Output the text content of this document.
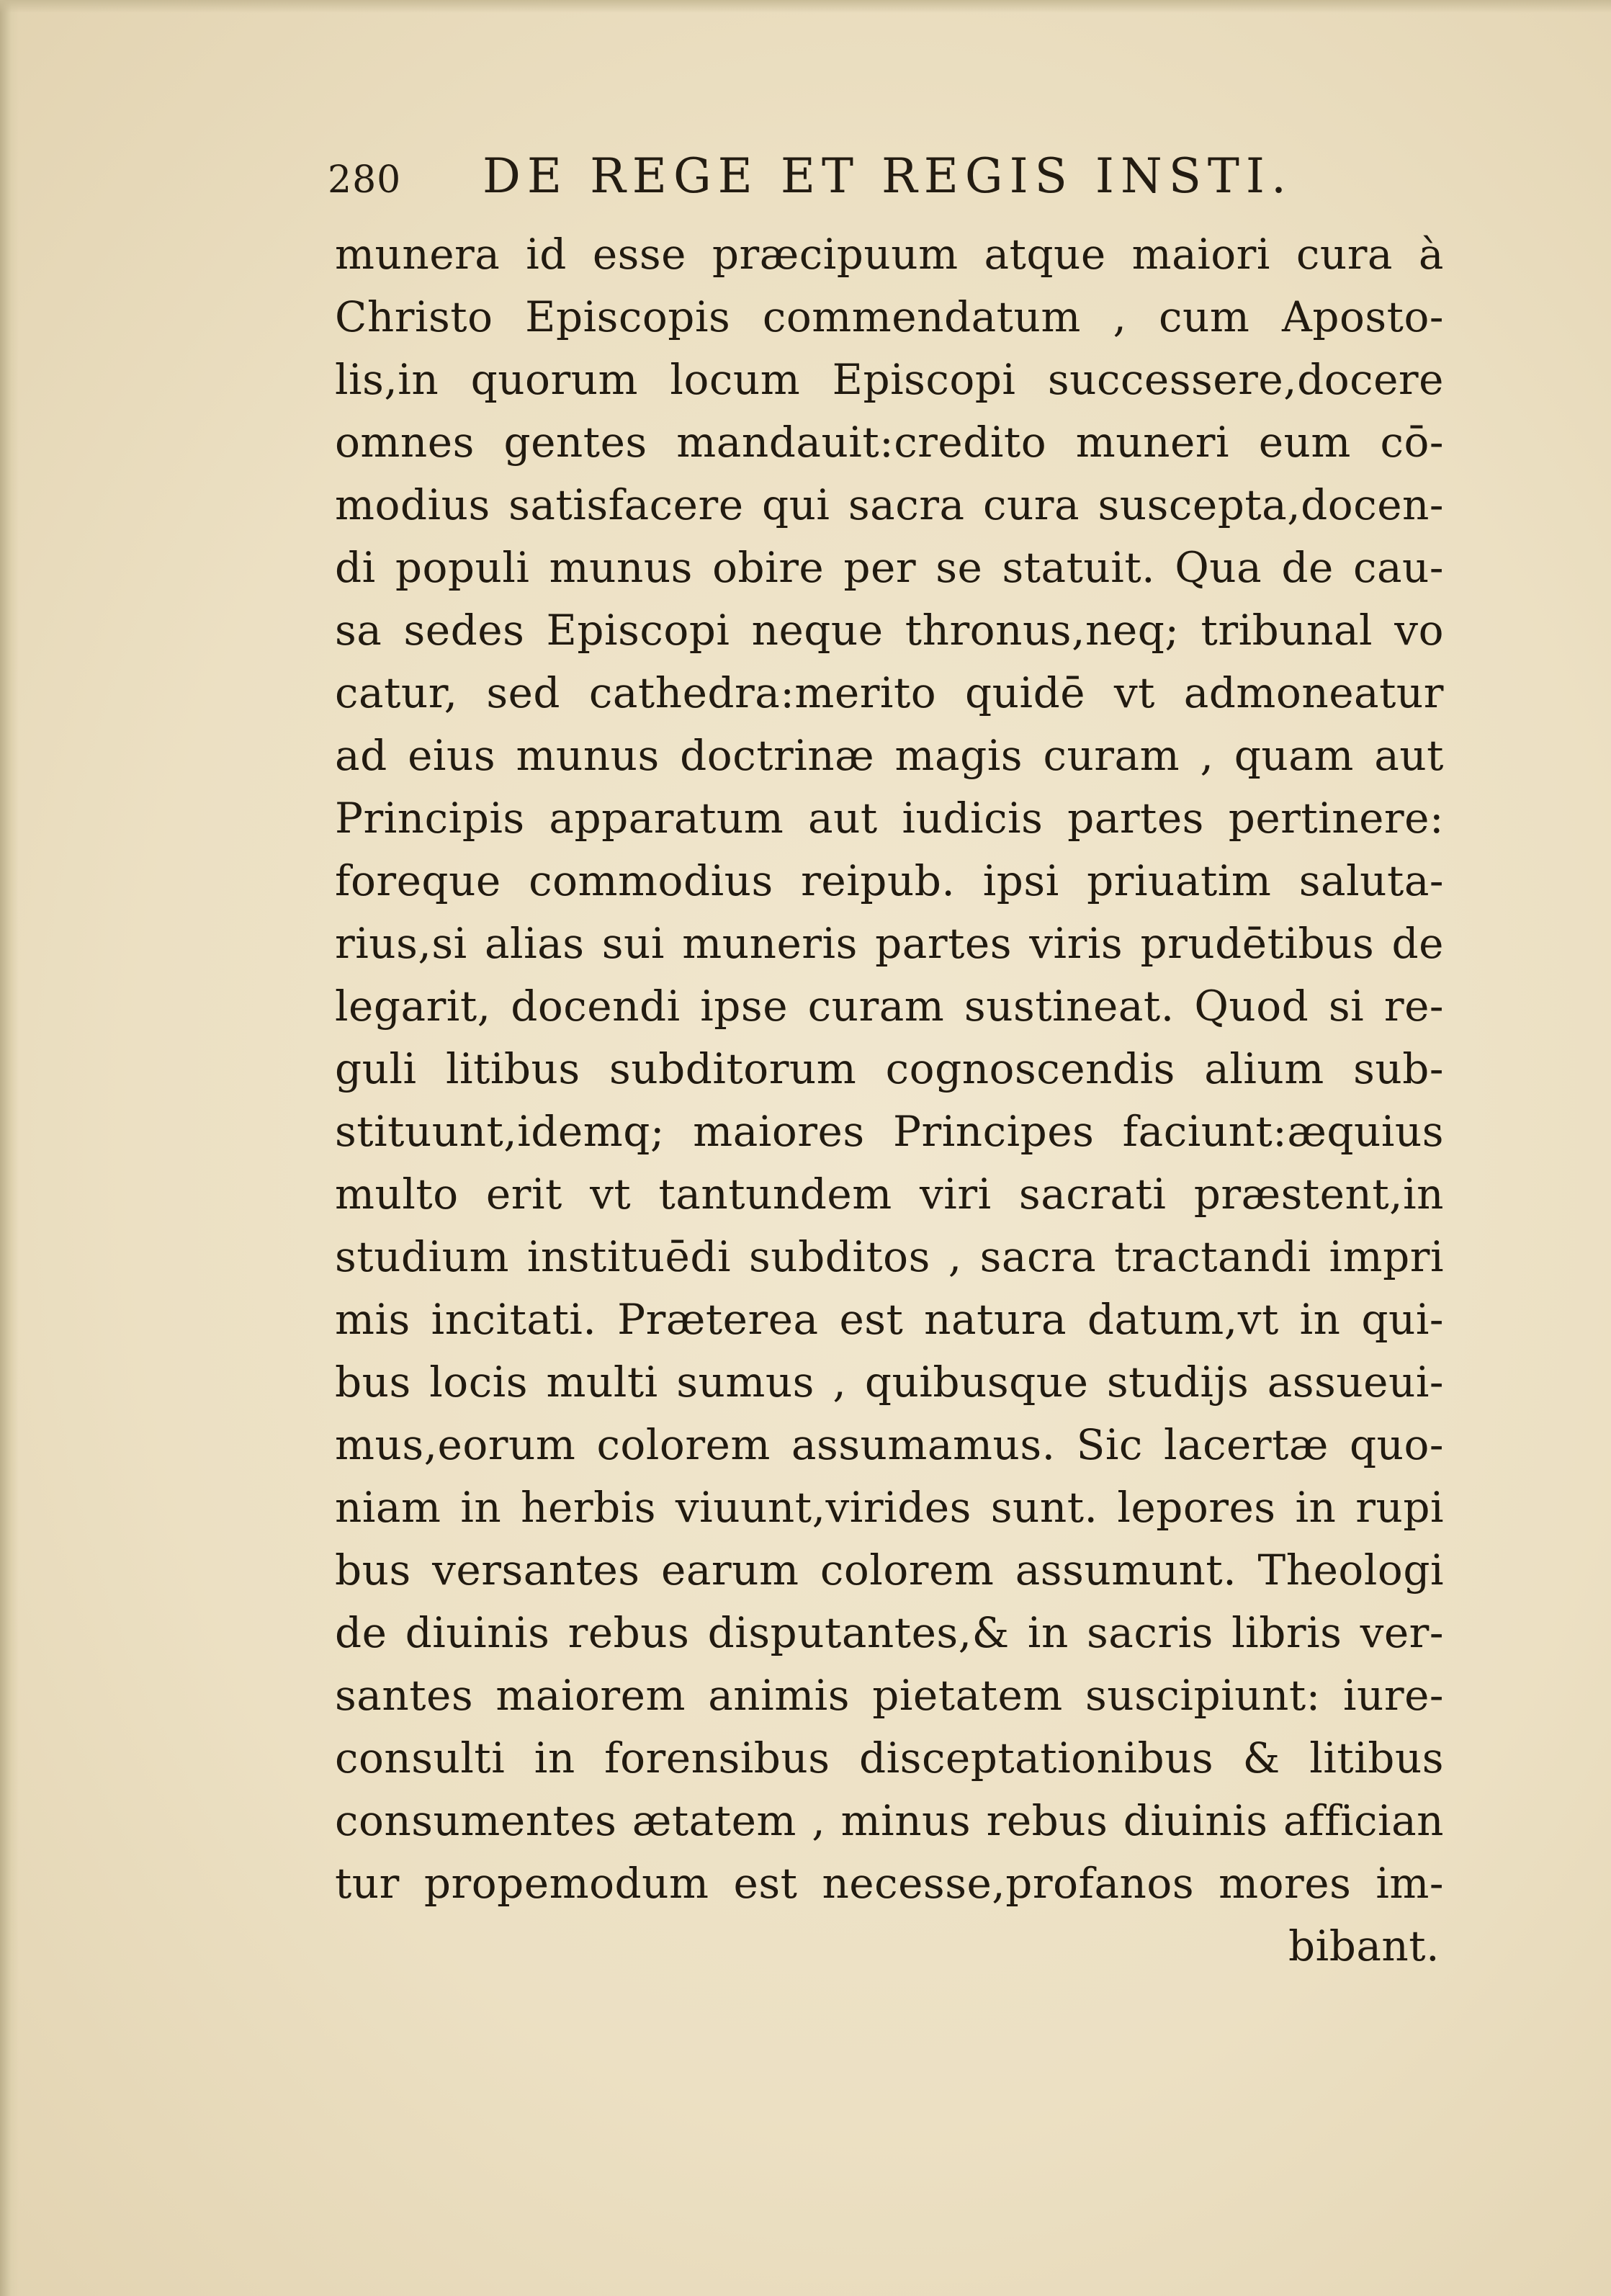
280 DE REGE ET REGIS INSTI.
munera id esse præcipuum atque maiori cura à
Christo Episcopis commendatum , cum Aposto-
lis,in quorum locum Episcopi successere,docere
omnes gentes mandauit:credito muneri eum cō-
modius satisfacere qui sacra cura suscepta,docen-
di populi munus obire per se statuit. Qua de cau-
sa sedes Episcopi neque thronus,neq; tribunal vo
catur, sed cathedra:merito quidē vt admoneatur
ad eius munus doctrinæ magis curam , quam aut
Principis apparatum aut iudicis partes pertinere:
foreque commodius reipub. ipsi priuatim saluta-
rius,si alias sui muneris partes viris prudētibus de
legarit, docendi ipse curam sustineat. Quod si re-
guli litibus subditorum cognoscendis alium sub-
stituunt,idemq; maiores Principes faciunt:æquius
multo erit vt tantundem viri sacrati præstent,in
studium instituēdi subditos , sacra tractandi impri
mis incitati. Præterea est natura datum,vt in qui-
bus locis multi sumus , quibusque studijs assueui-
mus,eorum colorem assumamus. Sic lacertæ quo-
niam in herbis viuunt,virides sunt. lepores in rupi
bus versantes earum colorem assumunt. Theologi
de diuinis rebus disputantes,& in sacris libris ver-
santes maiorem animis pietatem suscipiunt: iure-
consulti in forensibus disceptationibus & litibus
consumentes ætatem , minus rebus diuinis affician
tur propemodum est necesse,profanos mores im-
bibant.
